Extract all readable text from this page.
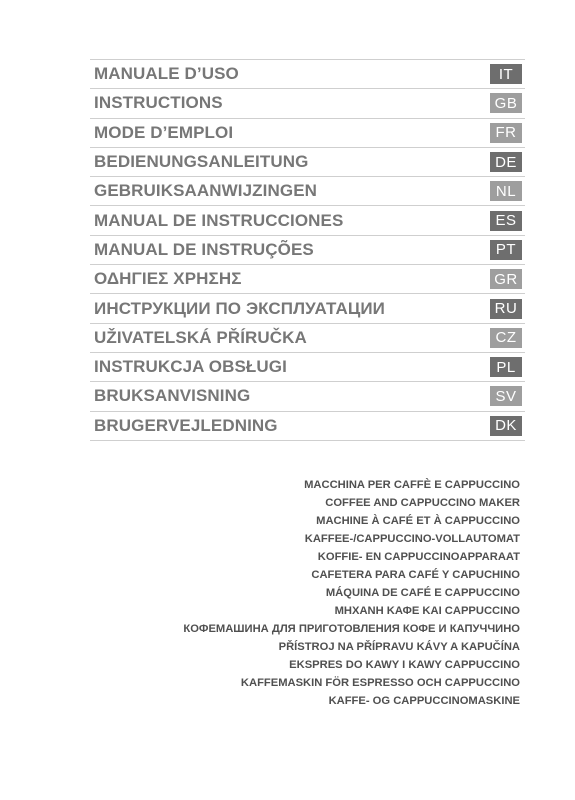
MANUALE D’USO	IT
INSTRUCTIONS	GB
MODE D’EMPLOI	FR
BEDIENUNGSANLEITUNG	DE
GEBRUIKSAANWIJZINGEN	NL
MANUAL DE INSTRUCCIONES	ES
MANUAL DE INSTRUÇÕES	PT
ΟΔΗΓΙΕΣ ΧΡΗΣΗΣ	GR
ИНСТРУКЦИИ ПО ЭКСПЛУАТАЦИИ	RU
UŽIVATELSKÁ PŘÍRUČKA	CZ
INSTRUKCJA OBSŁUGI	PL
BRUKSANVISNING	SV
BRUGERVEJLEDNING	DK
MACCHINA PER CAFFÈ E CAPPUCCINO
COFFEE AND CAPPUCCINO MAKER
MACHINE À CAFÉ ET À CAPPUCCINO
KAFFEE-/CAPPUCCINO-VOLLAUTOMAT
KOFFIE- EN CAPPUCCINOAPPARAAT
CAFETERA PARA CAFÉ Y CAPUCHINO
MÁQUINA DE CAFÉ E CAPPUCCINO
ΜΗΧΑΝΗ ΚΑΦΕ ΚΑΙ CAPPUCCINO
КОФЕМАШИНА ДЛЯ ПРИГОТОВЛЕНИЯ КОФЕ И КАПУЧЧИНО
PŘÍSTROJ NA PŘÍPRAVU KÁVY A KAPUČÍNA
EKSPRES DO KAWY I KAWY CAPPUCCINO
KAFFEMASKIN FÖR ESPRESSO OCH CAPPUCCINO
KAFFE- OG CAPPUCCINOMASKINE
